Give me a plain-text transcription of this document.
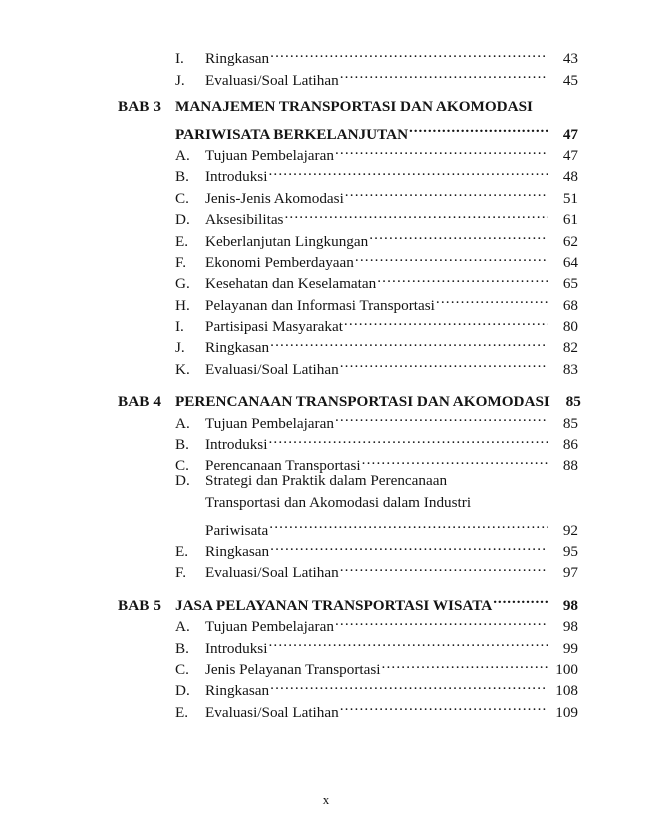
I.	Ringkasan .....	43
J.	Evaluasi/Soal Latihan .....	45
BAB 3 MANAJEMEN TRANSPORTASI DAN AKOMODASI
PARIWISATA BERKELANJUTAN .....	47
A.	Tujuan Pembelajaran .....	47
B.	Introduksi .....	48
C.	Jenis-Jenis Akomodasi .....	51
D.	Aksesibilitas .....	61
E.	Keberlanjutan Lingkungan .....	62
F.	Ekonomi Pemberdayaan .....	64
G.	Kesehatan dan Keselamatan .....	65
H.	Pelayanan dan Informasi Transportasi .....	68
I.	Partisipasi Masyarakat .....	80
J.	Ringkasan .....	82
K.	Evaluasi/Soal Latihan .....	83
BAB 4 PERENCANAAN TRANSPORTASI DAN AKOMODASI	85
A.	Tujuan Pembelajaran .....	85
B.	Introduksi .....	86
C.	Perencanaan Transportasi .....	88
D.	Strategi dan Praktik dalam Perencanaan
Transportasi dan Akomodasi dalam Industri
Pariwisata .....	92
E.	Ringkasan .....	95
F.	Evaluasi/Soal Latihan .....	97
BAB 5 JASA PELAYANAN TRANSPORTASI WISATA .....	98
A.	Tujuan Pembelajaran .....	98
B.	Introduksi .....	99
C.	Jenis Pelayanan Transportasi .....	100
D.	Ringkasan .....	108
E.	Evaluasi/Soal Latihan .....	109
x
